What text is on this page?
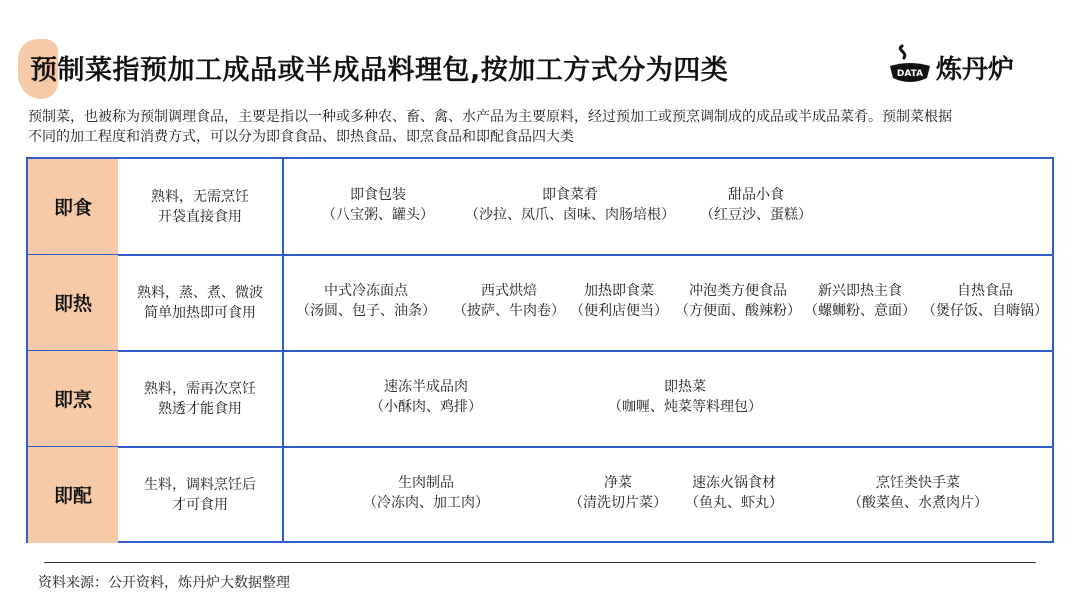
预制菜指预加工成品或半成品料理包,按加工方式分为四类	DATA 炼丹炉
预制菜，也被称为预制调理食品，主要是指以一种或多种农、畜、禽、水产品为主要原料，经过预加工或预烹调制成的成品或半成品菜肴。预制菜根据不同的加工程度和消费方式，可以分为即食食品、即热食品、即烹食品和即配食品四大类
即食
熟料，无需烹饪
开袋直接食用
即食包装
（八宝粥、罐头）
即食菜肴
（沙拉、凤爪、卤味、肉肠培根）
甜品小食
（红豆沙、蛋糕）
即热
熟料，蒸、煮、微波
简单加热即可食用
中式冷冻面点
（汤圆、包子、油条）
西式烘焙
（披萨、牛肉卷）
加热即食菜
（便利店便当）
冲泡类方便食品
（方便面、酸辣粉）
新兴即热主食
（螺蛳粉、意面）
自热食品
（煲仔饭、自嗨锅）
即烹
熟料，需再次烹饪
熟透才能食用
速冻半成品肉
（小酥肉、鸡排）
即热菜
（咖喱、炖菜等料理包）
即配
生料，调料烹饪后
才可食用
生肉制品
（冷冻肉、加工肉）
净菜
（清洗切片菜）
速冻火锅食材
（鱼丸、虾丸）
烹饪类快手菜
（酸菜鱼、水煮肉片）
资料来源：公开资料，炼丹炉大数据整理
